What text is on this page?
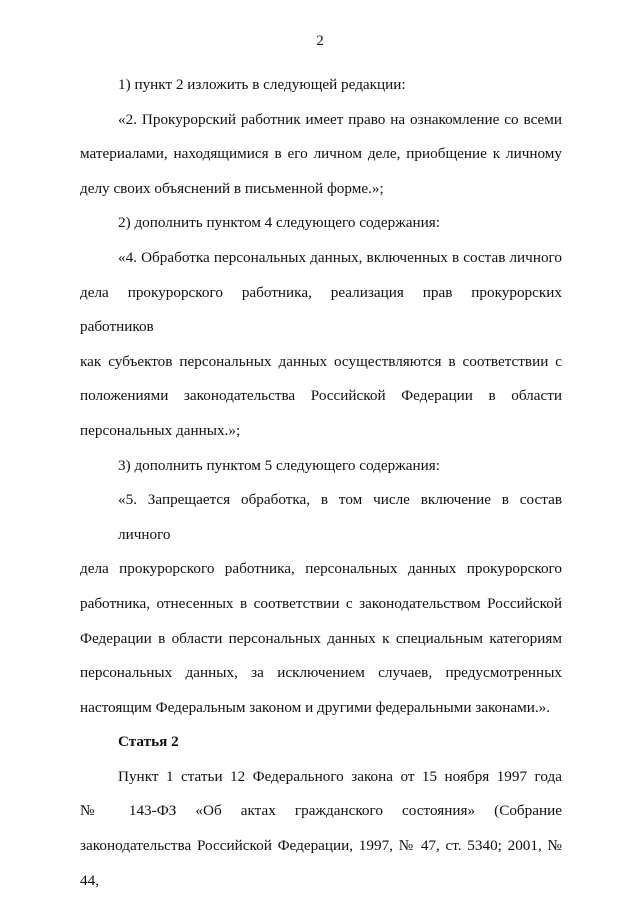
2

1) пункт 2 изложить в следующей редакции:

«2. Прокурорский работник имеет право на ознакомление со всеми
материалами, находящимися в его личном деле, приобщение к личному
делу своих объяснений в письменной форме.»;

2) дополнить пунктом 4 следующего содержания:

«4. Обработка персональных данных, включенных в состав личного
дела прокурорского работника, реализация прав прокурорских работников
как субъектов персональных данных осуществляются в соответствии с
положениями законодательства Российской Федерации в области
персональных данных.»;

3) дополнить пунктом 5 следующего содержания:

«5. Запрещается обработка, в том числе включение в состав личного
дела прокурорского работника, персональных данных прокурорского
работника, отнесенных в соответствии с законодательством Российской
Федерации в области персональных данных к специальным категориям
персональных данных, за исключением случаев, предусмотренных
настоящим Федеральным законом и другими федеральными законами.».

Статья 2

Пункт 1 статьи 12 Федерального закона от 15 ноября 1997 года
№ 143-ФЗ «Об актах гражданского состояния» (Собрание
законодательства Российской Федерации, 1997, № 47, ст. 5340; 2001, № 44,
